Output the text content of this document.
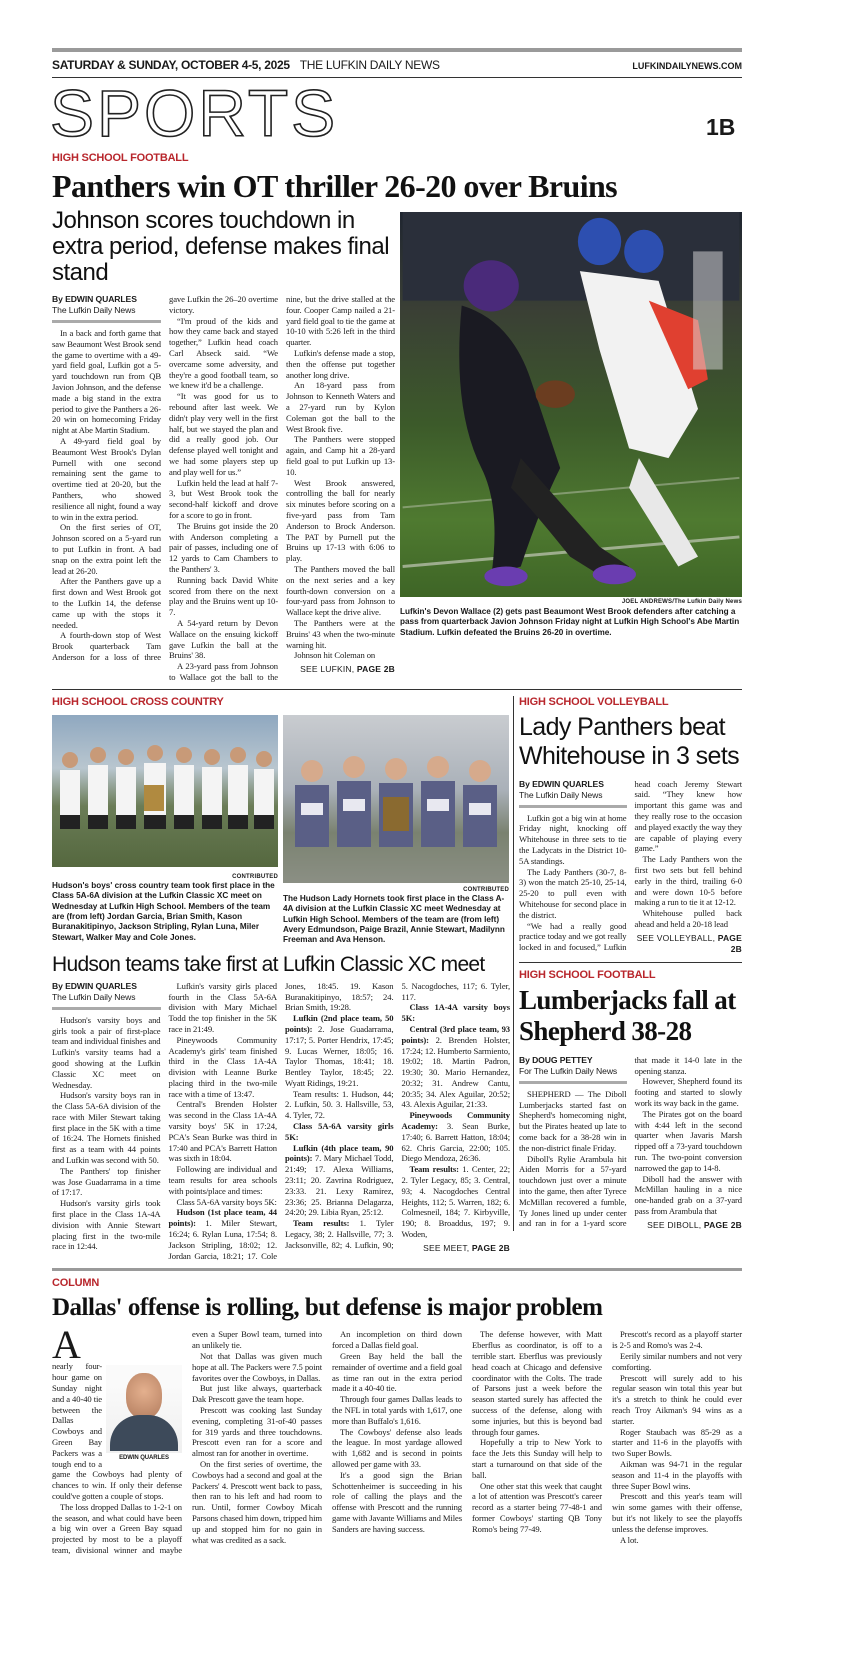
SATURDAY & SUNDAY, OCTOBER 4-5, 2025 THE LUFKIN DAILY NEWS	LUFKINDAILYNEWS.COM
SPORTS	1B
HIGH SCHOOL FOOTBALL
Panthers win OT thriller 26-20 over Bruins
Johnson scores touchdown in extra period, defense makes final stand
By EDWIN QUARLES
The Lufkin Daily News

In a back and forth game that saw Beaumont West Brook send the game to overtime with a 49-yard field goal, Lufkin got a 5-yard touchdown run from QB Javion Johnson, and the defense made a big stand in the extra period to give the Panthers a 26-20 win on homecoming Friday night at Abe Martin Stadium.

A 49-yard field goal by Beaumont West Brook's Dylan Purnell with one second remaining sent the game to overtime tied at 20-20, but the Panthers, who showed resilience all night, found a way to win in the extra period.

On the first series of OT, Johnson scored on a 5-yard run to put Lufkin in front. A bad snap on the extra point left the lead at 26-20.

After the Panthers gave up a first down and West Brook got to the Lufkin 14, the defense came up with the stops it needed.

A fourth-down stop of West Brook quarterback Tam Anderson for a loss of three gave Lufkin the 26–20 overtime victory.

“I'm proud of the kids and how they came back and stayed together,” Lufkin head coach Carl Abseck said. “We overcame some adversity, and they're a good football team, so we knew it'd be a challenge.

“It was good for us to rebound after last week. We didn't play very well in the first half, but we stayed the plan and did a really good job. Our defense played well tonight and we had some players step up and play well for us.”

Lufkin held the lead at half 7-3, but West Brook took the second-half kickoff and drove for a score to go in front.

The Bruins got inside the 20 with Anderson completing a pair of passes, including one of 12 yards to Cam Chambers to the Panthers' 3.

Running back David White scored from there on the next play and the Bruins went up 10-7.

A 54-yard return by Devon Wallace on the ensuing kickoff gave Lufkin the ball at the Bruins' 38.

A 23-yard pass from Johnson to Wallace got the ball to the nine, but the drive stalled at the four. Cooper Camp nailed a 21-yard field goal to tie the game at 10-10 with 5:26 left in the third quarter.

Lufkin's defense made a stop, then the offense put together another long drive.

An 18-yard pass from Johnson to Kenneth Waters and a 27-yard run by Kylon Coleman got the ball to the West Brook five.

The Panthers were stopped again, and Camp hit a 28-yard field goal to put Lufkin up 13-10.

West Brook answered, controlling the ball for nearly six minutes before scoring on a five-yard pass from Tam Anderson to Brock Anderson. The PAT by Purnell put the Bruins up 17-13 with 6:06 to play.

The Panthers moved the ball on the next series and a key fourth-down conversion on a four-yard pass from Johnson to Wallace kept the drive alive.

The Panthers were at the Bruins' 43 when the two-minute warning hit.

Johnson hit Coleman on

SEE LUFKIN, PAGE 2B
JOEL ANDREWS/The Lufkin Daily News
Lufkin's Devon Wallace (2) gets past Beaumont West Brook defenders after catching a pass from quarterback Javion Johnson Friday night at Lufkin High School's Abe Martin Stadium. Lufkin defeated the Bruins 26-20 in overtime.
HIGH SCHOOL CROSS COUNTRY
CONTRIBUTED
Hudson's boys' cross country team took first place in the Class 5A-6A division at the Lufkin Classic XC meet on Wednesday at Lufkin High School. Members of the team are (from left) Jordan Garcia, Brian Smith, Kason Buranakitipinyo, Jackson Stripling, Rylan Luna, Miler Stewart, Walker May and Cole Jones.
CONTRIBUTED
The Hudson Lady Hornets took first place in the Class A-4A division at the Lufkin Classic XC meet Wednesday at Lufkin High School. Members of the team are (from left) Avery Edmundson, Paige Brazil, Annie Stewart, Madilynn Freeman and Ava Henson.
Hudson teams take first at Lufkin Classic XC meet
By EDWIN QUARLES
The Lufkin Daily News

Hudson's varsity boys and girls took a pair of first-place team and individual finishes and Lufkin's varsity teams had a good showing at the Lufkin Classic XC meet on Wednesday.

Hudson's varsity boys ran in the Class 5A-6A division of the race with Miler Stewart taking first place in the 5K with a time of 16:24. The Hornets finished first as a team with 44 points and Lufkin was second with 50.

The Panthers' top finisher was Jose Guadarrama in a time of 17:17.

Hudson's varsity girls took first place in the Class 1A-4A division with Annie Stewart placing first in the two-mile race in 12:44.

Lufkin's varsity girls placed fourth in the Class 5A-6A division with Mary Michael Todd the top finisher in the 5K race in 21:49.

Pineywoods Community Academy's girls' team finished third in the Class 1A-4A division with Leanne Burke placing third in the two-mile race with a time of 13:47.

Central's Brenden Holster was second in the Class 1A-4A varsity boys' 5K in 17:24, PCA's Sean Burke was third in 17:40 and PCA's Barrett Hatton was sixth in 18:04.

Following are individual and team results for area schools with points/place and times:

Class 5A-6A varsity boys 5K:

Hudson (1st place team, 44 points): 1. Miler Stewart, 16:24; 6. Rylan Luna, 17:54; 8. Jackson Stripling, 18:02; 12. Jordan Garcia, 18:21; 17. Cole Jones, 18:45. 19. Kason Buranakitipinyo, 18:57; 24. Brian Smith, 19:28.

Lufkin (2nd place team, 50 points): 2. Jose Guadarrama, 17:17; 5. Porter Hendrix, 17:45; 9. Lucas Werner, 18:05; 16. Taylor Thomas, 18:41; 18. Bentley Taylor, 18:45; 22. Wyatt Ridings, 19:21.

Team results: 1. Hudson, 44; 2. Lufkin, 50. 3. Hallsville, 53, 4. Tyler, 72.

Class 5A-6A varsity girls 5K:

Lufkin (4th place team, 90 points): 7. Mary Michael Todd, 21:49; 17. Alexa Williams, 23:11; 20. Zavrina Rodriguez, 23:33. 21. Lexy Ramirez, 23:36; 25. Brianna Delagarza, 24:20; 29. Libia Ryan, 25:12.

Team results: 1. Tyler Legacy, 38; 2. Hallsville, 77; 3. Jacksonville, 82; 4. Lufkin, 90; 5. Nacogdoches, 117; 6. Tyler, 117.

Class 1A-4A varsity boys 5K:

Central (3rd place team, 93 points): 2. Brenden Holster, 17:24; 12. Humberto Sarmiento, 19:02; 18. Martin Padron, 19:30; 30. Mario Hernandez, 20:32; 31. Andrew Cantu, 20:35; 34. Alex Aguilar, 20:52; 43. Alexis Aguilar, 21:33.

Pineywoods Community Academy: 3. Sean Burke, 17:40; 6. Barrett Hatton, 18:04; 62. Chris Garcia, 22:00; 105. Diego Mendoza, 26:36.

Team results: 1. Center, 22; 2. Tyler Legacy, 85; 3. Central, 93; 4. Nacogdoches Central Heights, 112; 5. Warren, 182; 6. Colmesneil, 184; 7. Kirbyville, 190; 8. Broaddus, 197; 9. Woden,

SEE MEET, PAGE 2B
HIGH SCHOOL VOLLEYBALL
Lady Panthers beat Whitehouse in 3 sets
By EDWIN QUARLES
The Lufkin Daily News

Lufkin got a big win at home Friday night, knocking off Whitehouse in three sets to tie the Ladycats in the District 10-5A standings.

The Lady Panthers (30-7, 8-3) won the match 25-10, 25-14, 25-20 to pull even with Whitehouse for second place in the district.

“We had a really good practice today and we got really locked in and focused,” Lufkin head coach Jeremy Stewart said. “They knew how important this game was and they really rose to the occasion and played exactly the way they are capable of playing every game.”

The Lady Panthers won the first two sets but fell behind early in the third, trailing 6-0 and were down 10-5 before making a run to tie it at 12-12.

Whitehouse pulled back ahead and held a 20-18 lead

SEE VOLLEYBALL, PAGE 2B
HIGH SCHOOL FOOTBALL
Lumberjacks fall at Shepherd 38-28
By DOUG PETTEY
For The Lufkin Daily News

SHEPHERD — The Diboll Lumberjacks started fast on Shepherd's homecoming night, but the Pirates heated up late to come back for a 38-28 win in the non-district finale Friday.

Diboll's Rylie Arambula hit Aiden Morris for a 57-yard touchdown just over a minute into the game, then after Tyrece McMillan recovered a fumble, Ty Jones lined up under center and ran in for a 1-yard score that made it 14-0 late in the opening stanza.

However, Shepherd found its footing and started to slowly work its way back in the game.

The Pirates got on the board with 4:44 left in the second quarter when Javaris Marsh ripped off a 73-yard touchdown run. The two-point conversion narrowed the gap to 14-8.

Diboll had the answer with McMillan hauling in a nice one-handed grab on a 37-yard pass from Arambula that

SEE DIBOLL, PAGE 2B
COLUMN
Dallas' offense is rolling, but defense is major problem
EDWIN QUARLES

Anearly four-hour game on Sunday night and a 40-40 tie between the Dallas Cowboys and Green Bay Packers was a tough end to a game the Cowboys had plenty of chances to win. If only their defense could've gotten a couple of stops.

The loss dropped Dallas to 1-2-1 on the season, and what could have been a big win over a Green Bay squad projected by most to be a playoff team, divisional winner and maybe even a Super Bowl team, turned into an unlikely tie.

Not that Dallas was given much hope at all. The Packers were 7.5 point favorites over the Cowboys, in Dallas.

But just like always, quarterback Dak Prescott gave the team hope.

Prescott was cooking last Sunday evening, completing 31-of-40 passes for 319 yards and three touchdowns. Prescott even ran for a score and almost ran for another in overtime.

On the first series of overtime, the Cowboys had a second and goal at the Packers' 4. Prescott went back to pass, then ran to his left and had room to run. Until, former Cowboy Micah Parsons chased him down, tripped him up and stopped him for no gain in what was credited as a sack.

An incompletion on third down forced a Dallas field goal.

Green Bay held the ball the remainder of overtime and a field goal as time ran out in the extra period made it a 40-40 tie.

Through four games Dallas leads to the NFL in total yards with 1,617, one more than Buffalo's 1,616.

The Cowboys' defense also leads the league. In most yardage allowed with 1,682 and is second in points allowed per game with 33.

It's a good sign the Brian Schottenheimer is succeeding in his role of calling the plays and the offense with Prescott and the running game with Javante Williams and Miles Sanders are having success.

The defense however, with Matt Eberflus as coordinator, is off to a terrible start. Eberflus was previously head coach at Chicago and defensive coordinator with the Colts. The trade of Parsons just a week before the season started surely has affected the success of the defense, along with some injuries, but this is beyond bad through four games.

Hopefully a trip to New York to face the Jets this Sunday will help to start a turnaround on that side of the ball.

One other stat this week that caught a lot of attention was Prescott's career record as a starter being 77-48-1 and former Cowboys' starting QB Tony Romo's being 77-49.

Prescott's record as a playoff starter is 2-5 and Romo's was 2-4.

Eerily similar numbers and not very comforting.

Prescott will surely add to his regular season win total this year but it's a stretch to think he could ever reach Troy Aikman's 94 wins as a starter.

Roger Staubach was 85-29 as a starter and 11-6 in the playoffs with two Super Bowls.

Aikman was 94-71 in the regular season and 11-4 in the playoffs with three Super Bowl wins.

Prescott and this year's team will win some games with their offense, but it's not likely to see the playoffs unless the defense improves.

A lot.
